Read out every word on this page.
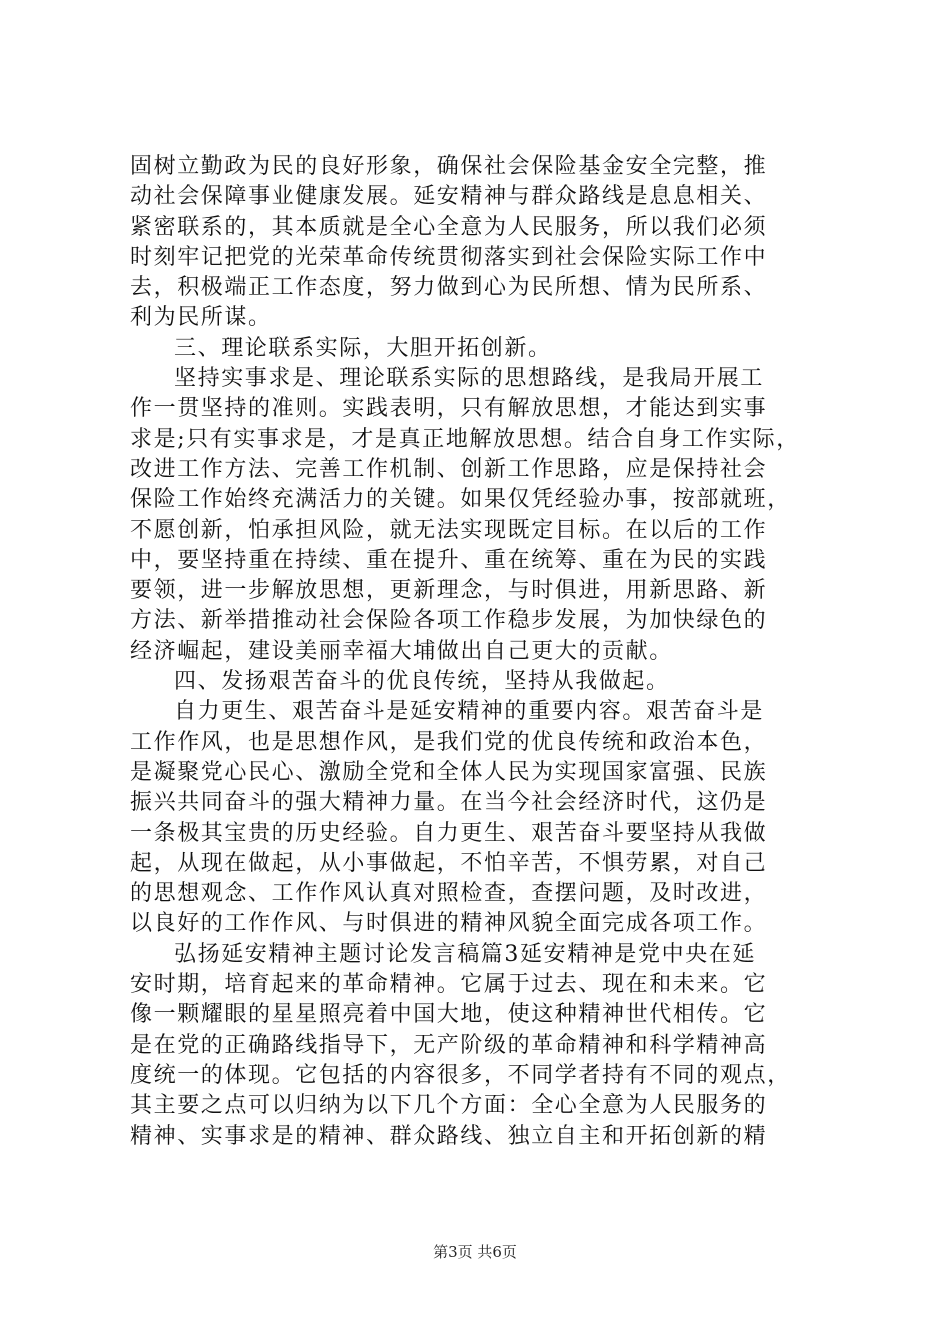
固树立勤政为民的良好形象，确保社会保险基金安全完整，推
动社会保障事业健康发展。延安精神与群众路线是息息相关、
紧密联系的，其本质就是全心全意为人民服务，所以我们必须
时刻牢记把党的光荣革命传统贯彻落实到社会保险实际工作中
去，积极端正工作态度，努力做到心为民所想、情为民所系、
利为民所谋。
三、理论联系实际，大胆开拓创新。
坚持实事求是、理论联系实际的思想路线，是我局开展工
作一贯坚持的准则。实践表明，只有解放思想，才能达到实事
求是;只有实事求是，才是真正地解放思想。结合自身工作实际，
改进工作方法、完善工作机制、创新工作思路，应是保持社会
保险工作始终充满活力的关键。如果仅凭经验办事，按部就班，
不愿创新，怕承担风险，就无法实现既定目标。在以后的工作
中，要坚持重在持续、重在提升、重在统筹、重在为民的实践
要领，进一步解放思想，更新理念，与时俱进，用新思路、新
方法、新举措推动社会保险各项工作稳步发展，为加快绿色的
经济崛起，建设美丽幸福大埔做出自己更大的贡献。
四、发扬艰苦奋斗的优良传统，坚持从我做起。
自力更生、艰苦奋斗是延安精神的重要内容。艰苦奋斗是
工作作风，也是思想作风，是我们党的优良传统和政治本色，
是凝聚党心民心、激励全党和全体人民为实现国家富强、民族
振兴共同奋斗的强大精神力量。在当今社会经济时代，这仍是
一条极其宝贵的历史经验。自力更生、艰苦奋斗要坚持从我做
起，从现在做起，从小事做起，不怕辛苦，不惧劳累，对自己
的思想观念、工作作风认真对照检查，查摆问题，及时改进，
以良好的工作作风、与时俱进的精神风貌全面完成各项工作。
弘扬延安精神主题讨论发言稿篇3延安精神是党中央在延
安时期，培育起来的革命精神。它属于过去、现在和未来。它
像一颗耀眼的星星照亮着中国大地，使这种精神世代相传。它
是在党的正确路线指导下，无产阶级的革命精神和科学精神高
度统一的体现。它包括的内容很多，不同学者持有不同的观点，
其主要之点可以归纳为以下几个方面：全心全意为人民服务的
精神、实事求是的精神、群众路线、独立自主和开拓创新的精
第3页 共6页
